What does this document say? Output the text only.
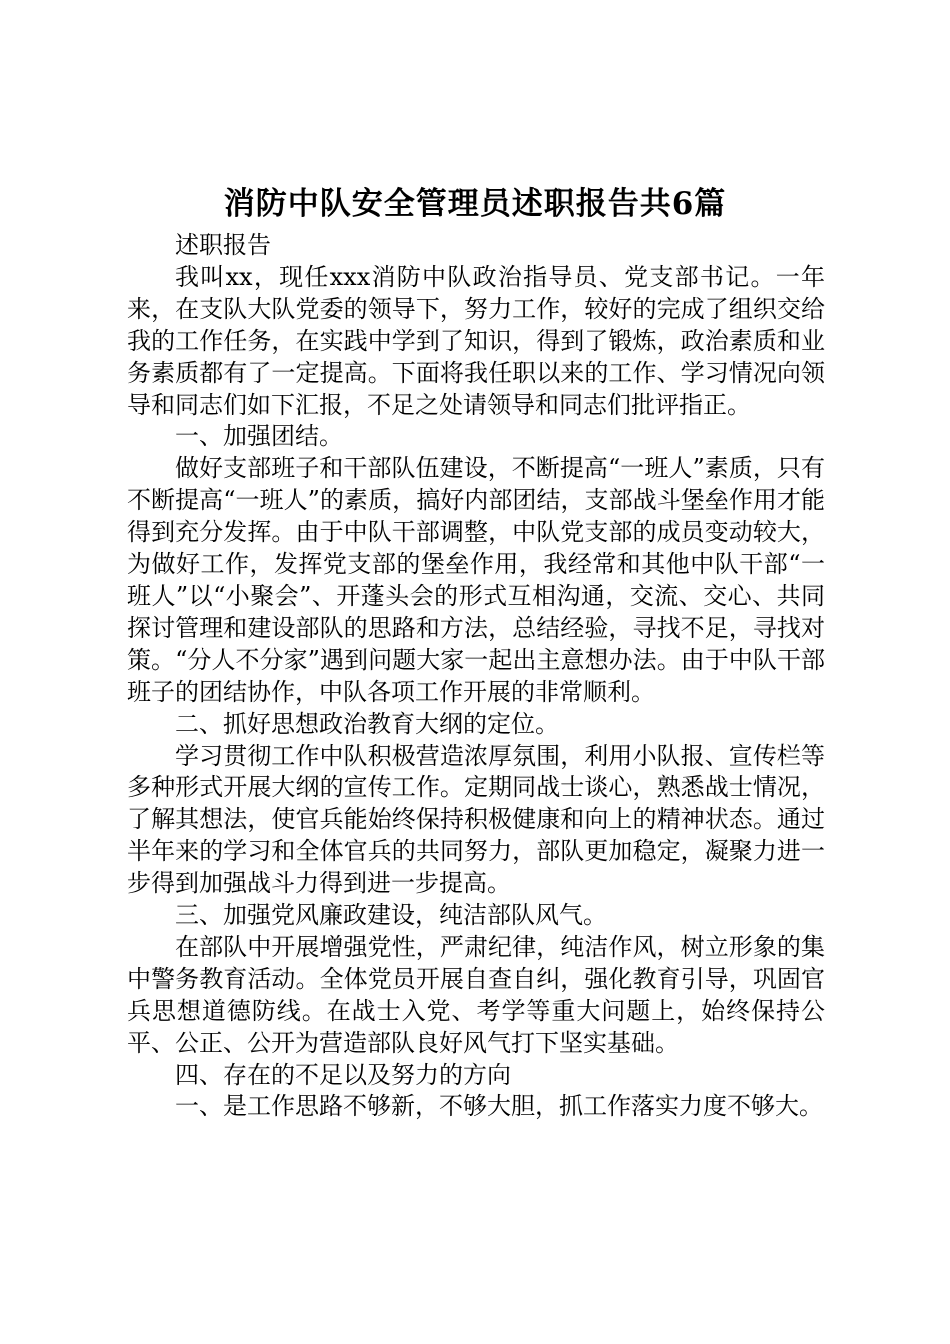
消防中队安全管理员述职报告共6篇

述职报告

我叫xx，现任xxx消防中队政治指导员、党支部书记。一年来，在支队大队党委的领导下，努力工作，较好的完成了组织交给我的工作任务，在实践中学到了知识，得到了锻炼，政治素质和业务素质都有了一定提高。下面将我任职以来的工作、学习情况向领导和同志们如下汇报，不足之处请领导和同志们批评指正。

一、加强团结。

做好支部班子和干部队伍建设，不断提高“一班人”素质，只有不断提高“一班人”的素质，搞好内部团结，支部战斗堡垒作用才能得到充分发挥。由于中队干部调整，中队党支部的成员变动较大，为做好工作，发挥党支部的堡垒作用，我经常和其他中队干部“一班人”以“小聚会”、开蓬头会的形式互相沟通，交流、交心、共同探讨管理和建设部队的思路和方法，总结经验，寻找不足，寻找对策。“分人不分家”遇到问题大家一起出主意想办法。由于中队干部班子的团结协作，中队各项工作开展的非常顺利。

二、抓好思想政治教育大纲的定位。

学习贯彻工作中队积极营造浓厚氛围，利用小队报、宣传栏等多种形式开展大纲的宣传工作。定期同战士谈心，熟悉战士情况，了解其想法，使官兵能始终保持积极健康和向上的精神状态。通过半年来的学习和全体官兵的共同努力，部队更加稳定，凝聚力进一步得到加强战斗力得到进一步提高。

三、加强党风廉政建设，纯洁部队风气。

在部队中开展增强党性，严肃纪律，纯洁作风，树立形象的集中警务教育活动。全体党员开展自查自纠，强化教育引导，巩固官兵思想道德防线。在战士入党、考学等重大问题上，始终保持公平、公正、公开为营造部队良好风气打下坚实基础。

四、存在的不足以及努力的方向

一、是工作思路不够新，不够大胆，抓工作落实力度不够大。
